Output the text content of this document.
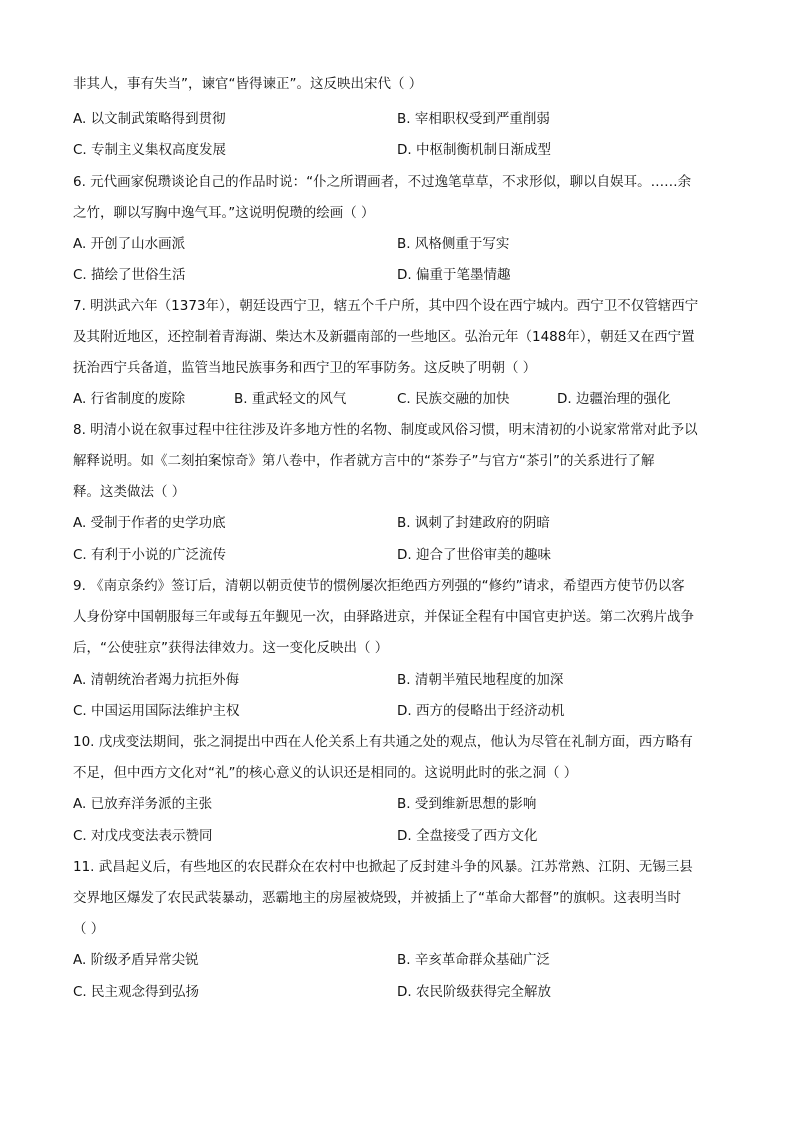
非其人，事有失当”，谏官“皆得谏正”。这反映出宋代（ ）
A. 以文制武策略得到贯彻	B. 宰相职权受到严重削弱
C. 专制主义集权高度发展	D. 中枢制衡机制日渐成型
6. 元代画家倪瓒谈论自己的作品时说：“仆之所谓画者，不过逸笔草草，不求形似，聊以自娱耳。……余
之竹，聊以写胸中逸气耳。”这说明倪瓒的绘画（ ）
A. 开创了山水画派	B. 风格侧重于写实
C. 描绘了世俗生活	D. 偏重于笔墨情趣
7. 明洪武六年（1373年），朝廷设西宁卫，辖五个千户所，其中四个设在西宁城内。西宁卫不仅管辖西宁
及其附近地区，还控制着青海湖、柴达木及新疆南部的一些地区。弘治元年（1488年），朝廷又在西宁置
抚治西宁兵备道，监管当地民族事务和西宁卫的军事防务。这反映了明朝（ ）
A. 行省制度的废除	B. 重武轻文的风气	C. 民族交融的加快	D. 边疆治理的强化
8. 明清小说在叙事过程中往往涉及许多地方性的名物、制度或风俗习惯，明末清初的小说家常常对此予以
解释说明。如《二刻拍案惊奇》第八卷中，作者就方言中的“茶券子”与官方“茶引”的关系进行了解
释。这类做法（ ）
A. 受制于作者的史学功底	B. 讽刺了封建政府的阴暗
C. 有利于小说的广泛流传	D. 迎合了世俗审美的趣味
9. 《南京条约》签订后，清朝以朝贡使节的惯例屡次拒绝西方列强的“修约”请求，希望西方使节仍以客
人身份穿中国朝服每三年或每五年觐见一次，由驿路进京，并保证全程有中国官吏护送。第二次鸦片战争
后，“公使驻京”获得法律效力。这一变化反映出（ ）
A. 清朝统治者竭力抗拒外侮	B. 清朝半殖民地程度的加深
C. 中国运用国际法维护主权	D. 西方的侵略出于经济动机
10. 戊戌变法期间，张之洞提出中西在人伦关系上有共通之处的观点，他认为尽管在礼制方面，西方略有
不足，但中西方文化对“礼”的核心意义的认识还是相同的。这说明此时的张之洞（ ）
A. 已放弃洋务派的主张	B. 受到维新思想的影响
C. 对戊戌变法表示赞同	D. 全盘接受了西方文化
11. 武昌起义后，有些地区的农民群众在农村中也掀起了反封建斗争的风暴。江苏常熟、江阴、无锡三县
交界地区爆发了农民武装暴动，恶霸地主的房屋被烧毁，并被插上了“革命大都督”的旗帜。这表明当时
（ ）
A. 阶级矛盾异常尖锐	B. 辛亥革命群众基础广泛
C. 民主观念得到弘扬	D. 农民阶级获得完全解放
